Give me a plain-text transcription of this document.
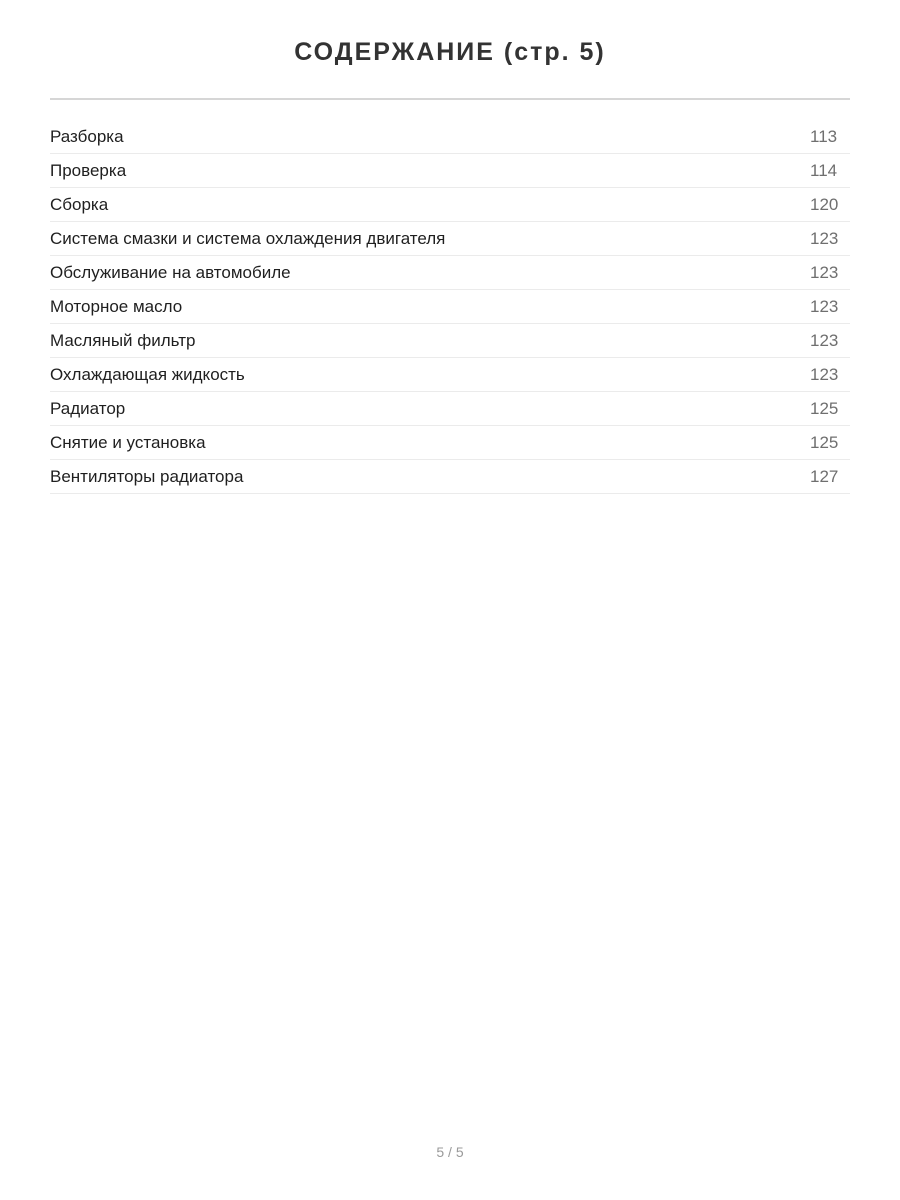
СОДЕРЖАНИЕ (стр. 5)
Разборка	113
Проверка	114
Сборка	120
Система смазки и система охлаждения двигателя	123
Обслуживание на автомобиле	123
Моторное масло	123
Масляный фильтр	123
Охлаждающая жидкость	123
Радиатор	125
Снятие и установка	125
Вентиляторы радиатора	127
5 / 5
